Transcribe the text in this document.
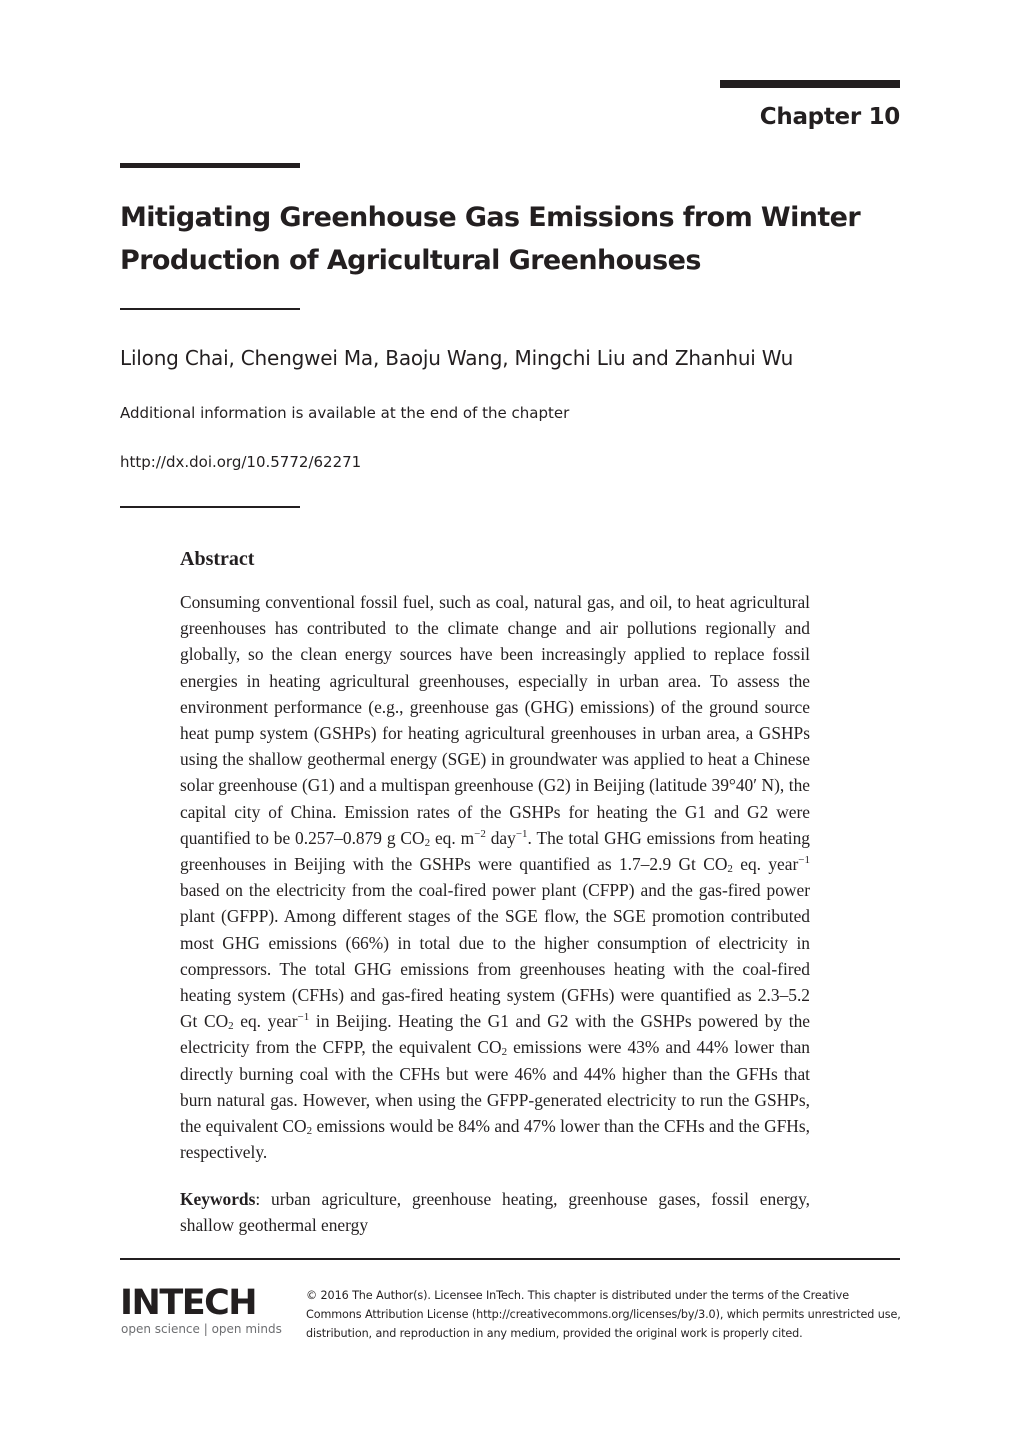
Chapter 10
Mitigating Greenhouse Gas Emissions from Winter Production of Agricultural Greenhouses
Lilong Chai, Chengwei Ma, Baoju Wang, Mingchi Liu and Zhanhui Wu
Additional information is available at the end of the chapter
http://dx.doi.org/10.5772/62271
Abstract
Consuming conventional fossil fuel, such as coal, natural gas, and oil, to heat agricultural greenhouses has contributed to the climate change and air pollutions regionally and globally, so the clean energy sources have been increasingly applied to replace fossil energies in heating agricultural greenhouses, especially in urban area. To assess the environment performance (e.g., greenhouse gas (GHG) emissions) of the ground source heat pump system (GSHPs) for heating agricultural greenhouses in urban area, a GSHPs using the shallow geothermal energy (SGE) in groundwater was applied to heat a Chinese solar greenhouse (G1) and a multispan greenhouse (G2) in Beijing (latitude 39°40′ N), the capital city of China. Emission rates of the GSHPs for heating the G1 and G2 were quantified to be 0.257–0.879 g $CO_2$ eq. $m^{-2}$ day$^{-1}$. The total GHG emissions from heating greenhouses in Beijing with the GSHPs were quantified as 1.7–2.9 Gt $CO_2$ eq. year$^{-1}$ based on the electricity from the coal-fired power plant (CFPP) and the gas-fired power plant (GFPP). Among different stages of the SGE flow, the SGE promotion contributed most GHG emissions (66%) in total due to the higher consumption of electricity in compressors. The total GHG emissions from greenhouses heating with the coal-fired heating system (CFHs) and gas-fired heating system (GFHs) were quantified as 2.3–5.2 Gt $CO_2$ eq. year$^{-1}$ in Beijing. Heating the G1 and G2 with the GSHPs powered by the electricity from the CFPP, the equivalent $CO_2$ emissions were 43% and 44% lower than directly burning coal with the CFHs but were 46% and 44% higher than the GFHs that burn natural gas. However, when using the GFPP-generated electricity to run the GSHPs, the equivalent $CO_2$ emissions would be 84% and 47% lower than the CFHs and the GFHs, respectively.
Keywords: urban agriculture, greenhouse heating, greenhouse gases, fossil energy, shallow geothermal energy
INTECH
open science | open minds
© 2016 The Author(s). Licensee InTech. This chapter is distributed under the terms of the Creative Commons Attribution License (http://creativecommons.org/licenses/by/3.0), which permits unrestricted use, distribution, and reproduction in any medium, provided the original work is properly cited.
